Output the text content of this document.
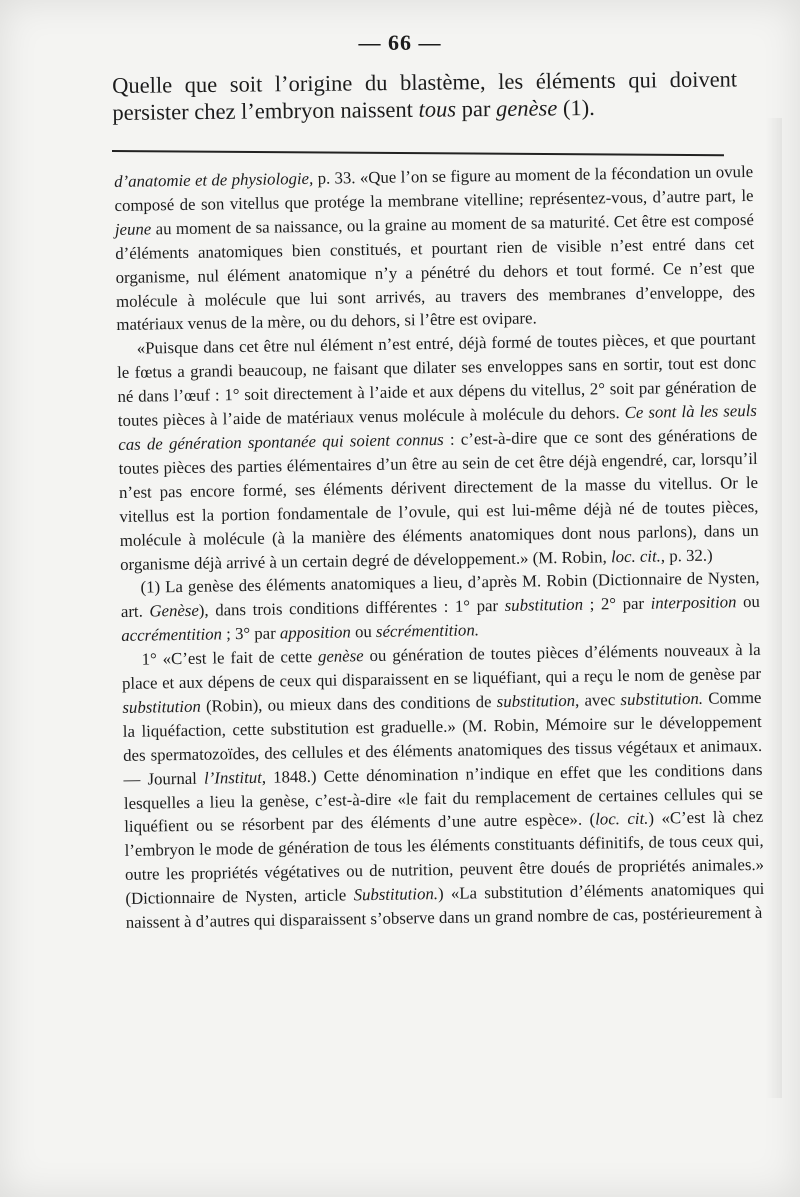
— 66 —
Quelle que soit l’origine du blastème, les éléments qui doivent persister chez l’embryon naissent tous par genèse (1).

d’anatomie et de physiologie, p. 33. «Que l’on se figure au moment de la fécondation un ovule composé de son vitellus que protége la membrane vitelline; représentez-vous, d’autre part, le jeune au moment de sa naissance, ou la graine au moment de sa maturité. Cet être est composé d’éléments anatomiques bien constitués, et pourtant rien de visible n’est entré dans cet organisme, nul élément anatomique n’y a pénétré du dehors et tout formé. Ce n’est que molécule à molécule que lui sont arrivés, au travers des membranes d’enveloppe, des matériaux venus de la mère, ou du dehors, si l’être est ovipare.

«Puisque dans cet être nul élément n’est entré, déjà formé de toutes pièces, et que pourtant le fœtus a grandi beaucoup, ne faisant que dilater ses enveloppes sans en sortir, tout est donc né dans l’œuf : 1° soit directement à l’aide et aux dépens du vitellus, 2° soit par génération de toutes pièces à l’aide de matériaux venus molécule à molécule du dehors. Ce sont là les seuls cas de génération spontanée qui soient connus : c’est-à-dire que ce sont des générations de toutes pièces des parties élémentaires d’un être au sein de cet être déjà engendré, car, lorsqu’il n’est pas encore formé, ses éléments dérivent directement de la masse du vitellus. Or le vitellus est la portion fondamentale de l’ovule, qui est lui-même déjà né de toutes pièces, molécule à molécule (à la manière des éléments anatomiques dont nous parlons), dans un organisme déjà arrivé à un certain degré de développement.» (M. Robin, loc. cit., p. 32.)

(1) La genèse des éléments anatomiques a lieu, d’après M. Robin (Dictionnaire de Nysten, art. Genèse), dans trois conditions différentes : 1° par substitution ; 2° par interposition ou accrémentition ; 3° par apposition ou sécrémentition.

1° «C’est le fait de cette genèse ou génération de toutes pièces d’éléments nouveaux à la place et aux dépens de ceux qui disparaissent en se liquéfiant, qui a reçu le nom de genèse par substitution (Robin), ou mieux dans des conditions de substitution, avec substitution. Comme la liquéfaction, cette substitution est graduelle.» (M. Robin, Mémoire sur le développement des spermatozoïdes, des cellules et des éléments anatomiques des tissus végétaux et animaux. — Journal l’Institut, 1848.) Cette dénomination n’indique en effet que les conditions dans lesquelles a lieu la genèse, c’est-à-dire «le fait du remplacement de certaines cellules qui se liquéfient ou se résorbent par des éléments d’une autre espèce». (loc. cit.) «C’est là chez l’embryon le mode de génération de tous les éléments constituants définitifs, de tous ceux qui, outre les propriétés végétatives ou de nutrition, peuvent être doués de propriétés animales.» (Dictionnaire de Nysten, article Substitution.) «La substitution d’éléments anatomiques qui naissent à d’autres qui disparaissent s’observe dans un grand nombre de cas, postérieurement à
